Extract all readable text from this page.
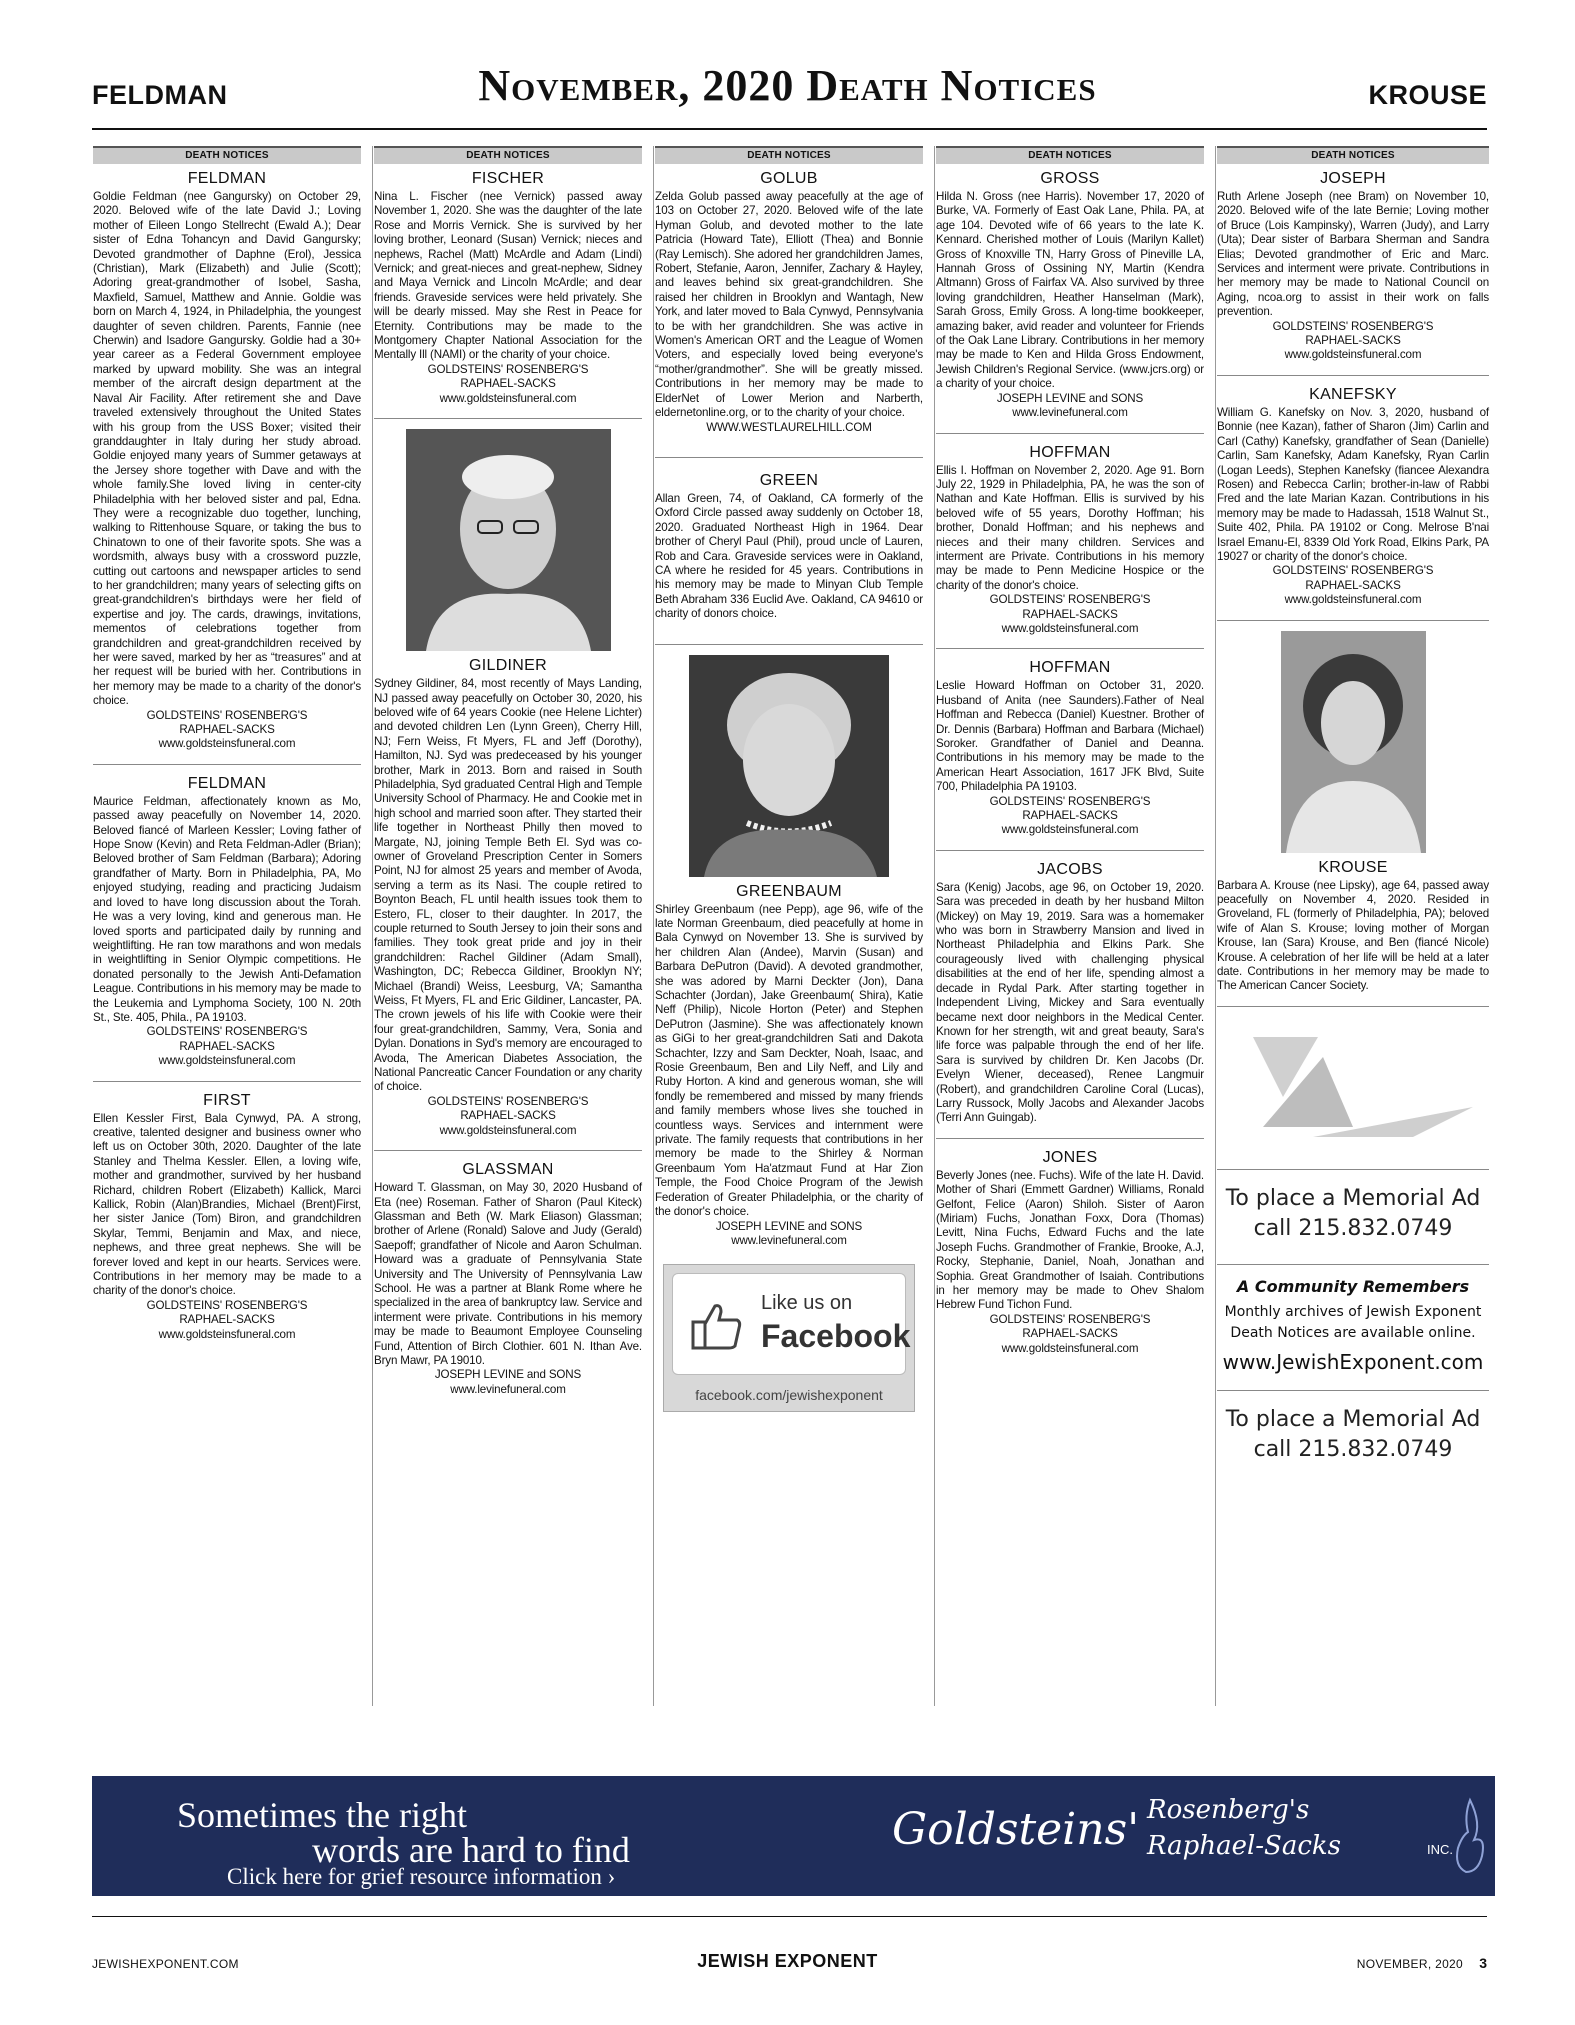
FELDMAN	November, 2020 Death Notices	KROUSE
DEATH NOTICES
FELDMAN
Goldie Feldman (nee Gangursky) on October 29, 2020. Beloved wife of the late David J.; Loving mother of Eileen Longo Stellrecht (Ewald A.); Dear sister of Edna Tohancyn and David Gangursky; Devoted grandmother of Daphne (Erol), Jessica (Christian), Mark (Elizabeth) and Julie (Scott); Adoring great-grandmother of Isobel, Sasha, Maxfield, Samuel, Matthew and Annie. Goldie was born on March 4, 1924, in Philadelphia, the youngest daughter of seven children. Parents, Fannie (nee Cherwin) and Isadore Gangursky. Goldie had a 30+ year career as a Federal Government employee marked by upward mobility. She was an integral member of the aircraft design department at the Naval Air Facility. After retirement she and Dave traveled extensively throughout the United States with his group from the USS Boxer; visited their granddaughter in Italy during her study abroad. Goldie enjoyed many years of Summer getaways at the Jersey shore together with Dave and with the whole family.She loved living in center-city Philadelphia with her beloved sister and pal, Edna. They were a recognizable duo together, lunching, walking to Rittenhouse Square, or taking the bus to Chinatown to one of their favorite spots. She was a wordsmith, always busy with a crossword puzzle, cutting out cartoons and newspaper articles to send to her grandchildren; many years of selecting gifts on great-grandchildren's birthdays were her field of expertise and joy. The cards, drawings, invitations, mementos of celebrations together from grandchildren and great-grandchildren received by her were saved, marked by her as “treasures” and at her request will be buried with her. Contributions in her memory may be made to a charity of the donor's choice.
GOLDSTEINS' ROSENBERG'S
RAPHAEL-SACKS
www.goldsteinsfuneral.com
FELDMAN
Maurice Feldman, affectionately known as Mo, passed away peacefully on November 14, 2020. Beloved fiancé of Marleen Kessler; Loving father of Hope Snow (Kevin) and Reta Feldman-Adler (Brian); Beloved brother of Sam Feldman (Barbara); Adoring grandfather of Marty. Born in Philadelphia, PA, Mo enjoyed studying, reading and practicing Judaism and loved to have long discussion about the Torah. He was a very loving, kind and generous man. He loved sports and participated daily by running and weightlifting. He ran tow marathons and won medals in weightlifting in Senior Olympic competitions. He donated personally to the Jewish Anti-Defamation League. Contributions in his memory may be made to the Leukemia and Lymphoma Society, 100 N. 20th St., Ste. 405, Phila., PA 19103.
GOLDSTEINS' ROSENBERG'S
RAPHAEL-SACKS
www.goldsteinsfuneral.com
FIRST
Ellen Kessler First, Bala Cynwyd, PA. A strong, creative, talented designer and business owner who left us on October 30th, 2020. Daughter of the late Stanley and Thelma Kessler. Ellen, a loving wife, mother and grandmother, survived by her husband Richard, children Robert (Elizabeth) Kallick, Marci Kallick, Robin (Alan)Brandies, Michael (Brent)First, her sister Janice (Tom) Biron, and grandchildren Skylar, Temmi, Benjamin and Max, and niece, nephews, and three great nephews. She will be forever loved and kept in our hearts. Services were. Contributions in her memory may be made to a charity of the donor's choice.
GOLDSTEINS' ROSENBERG'S
RAPHAEL-SACKS
www.goldsteinsfuneral.com
DEATH NOTICES
FISCHER
Nina L. Fischer (nee Vernick) passed away November 1, 2020. She was the daughter of the late Rose and Morris Vernick. She is survived by her loving brother, Leonard (Susan) Vernick; nieces and nephews, Rachel (Matt) McArdle and Adam (Lindi) Vernick; and great-nieces and great-nephew, Sidney and Maya Vernick and Lincoln McArdle; and dear friends. Graveside services were held privately. She will be dearly missed. May she Rest in Peace for Eternity. Contributions may be made to the Montgomery Chapter National Association for the Mentally Ill (NAMI) or the charity of your choice.
GOLDSTEINS' ROSENBERG'S
RAPHAEL-SACKS
www.goldsteinsfuneral.com
GILDINER
Sydney Gildiner, 84, most recently of Mays Landing, NJ passed away peacefully on October 30, 2020, his beloved wife of 64 years Cookie (nee Helene Lichter) and devoted children Len (Lynn Green), Cherry Hill, NJ; Fern Weiss, Ft Myers, FL and Jeff (Dorothy), Hamilton, NJ. Syd was predeceased by his younger brother, Mark in 2013. Born and raised in South Philadelphia, Syd graduated Central High and Temple University School of Pharmacy. He and Cookie met in high school and married soon after. They started their life together in Northeast Philly then moved to Margate, NJ, joining Temple Beth El. Syd was co-owner of Groveland Prescription Center in Somers Point, NJ for almost 25 years and member of Avoda, serving a term as its Nasi. The couple retired to Boynton Beach, FL until health issues took them to Estero, FL, closer to their daughter. In 2017, the couple returned to South Jersey to join their sons and families. They took great pride and joy in their grandchildren: Rachel Gildiner (Adam Small), Washington, DC; Rebecca Gildiner, Brooklyn NY; Michael (Brandi) Weiss, Leesburg, VA; Samantha Weiss, Ft Myers, FL and Eric Gildiner, Lancaster, PA. The crown jewels of his life with Cookie were their four great-grandchildren, Sammy, Vera, Sonia and Dylan. Donations in Syd's memory are encouraged to Avoda, The American Diabetes Association, the National Pancreatic Cancer Foundation or any charity of choice.
GOLDSTEINS' ROSENBERG'S
RAPHAEL-SACKS
www.goldsteinsfuneral.com
GLASSMAN
Howard T. Glassman, on May 30, 2020 Husband of Eta (nee) Roseman. Father of Sharon (Paul Kiteck) Glassman and Beth (W. Mark Eliason) Glassman; brother of Arlene (Ronald) Salove and Judy (Gerald) Saepoff; grandfather of Nicole and Aaron Schulman. Howard was a graduate of Pennsylvania State University and The University of Pennsylvania Law School. He was a partner at Blank Rome where he specialized in the area of bankruptcy law. Service and interment were private. Contributions in his memory may be made to Beaumont Employee Counseling Fund, Attention of Birch Clothier. 601 N. Ithan Ave. Bryn Mawr, PA 19010.
JOSEPH LEVINE and SONS
www.levinefuneral.com
DEATH NOTICES
GOLUB
Zelda Golub passed away peacefully at the age of 103 on October 27, 2020. Beloved wife of the late Hyman Golub, and devoted mother to the late Patricia (Howard Tate), Elliott (Thea) and Bonnie (Ray Lemisch). She adored her grandchildren James, Robert, Stefanie, Aaron, Jennifer, Zachary & Hayley, and leaves behind six great-grandchildren. She raised her children in Brooklyn and Wantagh, New York, and later moved to Bala Cynwyd, Pennsylvania to be with her grandchildren. She was active in Women's American ORT and the League of Women Voters, and especially loved being everyone's “mother/grandmother”. She will be greatly missed. Contributions in her memory may be made to ElderNet of Lower Merion and Narberth, eldernetonline.org, or to the charity of your choice.
WWW.WESTLAURELHILL.COM
GREEN
Allan Green, 74, of Oakland, CA formerly of the Oxford Circle passed away suddenly on October 18, 2020. Graduated Northeast High in 1964. Dear brother of Cheryl Paul (Phil), proud uncle of Lauren, Rob and Cara. Graveside services were in Oakland, CA where he resided for 45 years. Contributions in his memory may be made to Minyan Club Temple Beth Abraham 336 Euclid Ave. Oakland, CA 94610 or charity of donors choice.
GREENBAUM
Shirley Greenbaum (nee Pepp), age 96, wife of the late Norman Greenbaum, died peacefully at home in Bala Cynwyd on November 13. She is survived by her children Alan (Andee), Marvin (Susan) and Barbara DePutron (David). A devoted grandmother, she was adored by Marni Deckter (Jon), Dana Schachter (Jordan), Jake Greenbaum( Shira), Katie Neff (Philip), Nicole Horton (Peter) and Stephen DePutron (Jasmine). She was affectionately known as GiGi to her great-grandchildren Sati and Dakota Schachter, Izzy and Sam Deckter, Noah, Isaac, and Rosie Greenbaum, Ben and Lily Neff, and Lily and Ruby Horton. A kind and generous woman, she will fondly be remembered and missed by many friends and family members whose lives she touched in countless ways. Services and internment were private. The family requests that contributions in her memory be made to the Shirley & Norman Greenbaum Yom Ha'atzmaut Fund at Har Zion Temple, the Food Choice Program of the Jewish Federation of Greater Philadelphia, or the charity of the donor's choice.
JOSEPH LEVINE and SONS
www.levinefuneral.com
Like us on
Facebook
facebook.com/jewishexponent
DEATH NOTICES
GROSS
Hilda N. Gross (nee Harris). November 17, 2020 of Burke, VA. Formerly of East Oak Lane, Phila. PA, at age 104. Devoted wife of 66 years to the late K. Kennard. Cherished mother of Louis (Marilyn Kallet) Gross of Knoxville TN, Harry Gross of Pineville LA, Hannah Gross of Ossining NY, Martin (Kendra Altmann) Gross of Fairfax VA. Also survived by three loving grandchildren, Heather Hanselman (Mark), Sarah Gross, Emily Gross. A long-time bookkeeper, amazing baker, avid reader and volunteer for Friends of the Oak Lane Library. Contributions in her memory may be made to Ken and Hilda Gross Endowment, Jewish Children's Regional Service. (www.jcrs.org) or a charity of your choice.
JOSEPH LEVINE and SONS
www.levinefuneral.com
HOFFMAN
Ellis I. Hoffman on November 2, 2020. Age 91. Born July 22, 1929 in Philadelphia, PA, he was the son of Nathan and Kate Hoffman. Ellis is survived by his beloved wife of 55 years, Dorothy Hoffman; his brother, Donald Hoffman; and his nephews and nieces and their many children. Services and interment are Private. Contributions in his memory may be made to Penn Medicine Hospice or the charity of the donor's choice.
GOLDSTEINS' ROSENBERG'S
RAPHAEL-SACKS
www.goldsteinsfuneral.com
HOFFMAN
Leslie Howard Hoffman on October 31, 2020. Husband of Anita (nee Saunders).Father of Neal Hoffman and Rebecca (Daniel) Kuestner. Brother of Dr. Dennis (Barbara) Hoffman and Barbara (Michael) Soroker. Grandfather of Daniel and Deanna. Contributions in his memory may be made to the American Heart Association, 1617 JFK Blvd, Suite 700, Philadelphia PA 19103.
GOLDSTEINS' ROSENBERG'S
RAPHAEL-SACKS
www.goldsteinsfuneral.com
JACOBS
Sara (Kenig) Jacobs, age 96, on October 19, 2020. Sara was preceded in death by her husband Milton (Mickey) on May 19, 2019. Sara was a homemaker who was born in Strawberry Mansion and lived in Northeast Philadelphia and Elkins Park. She courageously lived with challenging physical disabilities at the end of her life, spending almost a decade in Rydal Park. After starting together in Independent Living, Mickey and Sara eventually became next door neighbors in the Medical Center. Known for her strength, wit and great beauty, Sara's life force was palpable through the end of her life. Sara is survived by children Dr. Ken Jacobs (Dr. Evelyn Wiener, deceased), Renee Langmuir (Robert), and grandchildren Caroline Coral (Lucas), Larry Russock, Molly Jacobs and Alexander Jacobs (Terri Ann Guingab).
JONES
Beverly Jones (nee. Fuchs). Wife of the late H. David. Mother of Shari (Emmett Gardner) Williams, Ronald Gelfont, Felice (Aaron) Shiloh. Sister of Aaron (Miriam) Fuchs, Jonathan Foxx, Dora (Thomas) Levitt, Nina Fuchs, Edward Fuchs and the late Joseph Fuchs. Grandmother of Frankie, Brooke, A.J, Rocky, Stephanie, Daniel, Noah, Jonathan and Sophia. Great Grandmother of Isaiah. Contributions in her memory may be made to Ohev Shalom Hebrew Fund Tichon Fund.
GOLDSTEINS' ROSENBERG'S
RAPHAEL-SACKS
www.goldsteinsfuneral.com
DEATH NOTICES
JOSEPH
Ruth Arlene Joseph (nee Bram) on November 10, 2020. Beloved wife of the late Bernie; Loving mother of Bruce (Lois Kampinsky), Warren (Judy), and Larry (Uta); Dear sister of Barbara Sherman and Sandra Elias; Devoted grandmother of Eric and Marc. Services and interment were private. Contributions in her memory may be made to National Council on Aging, ncoa.org to assist in their work on falls prevention.
GOLDSTEINS' ROSENBERG'S
RAPHAEL-SACKS
www.goldsteinsfuneral.com
KANEFSKY
William G. Kanefsky on Nov. 3, 2020, husband of Bonnie (nee Kazan), father of Sharon (Jim) Carlin and Carl (Cathy) Kanefsky, grandfather of Sean (Danielle) Carlin, Sam Kanefsky, Adam Kanefsky, Ryan Carlin (Logan Leeds), Stephen Kanefsky (fiancee Alexandra Rosen) and Rebecca Carlin; brother-in-law of Rabbi Fred and the late Marian Kazan. Contributions in his memory may be made to Hadassah, 1518 Walnut St., Suite 402, Phila. PA 19102 or Cong. Melrose B'nai Israel Emanu-El, 8339 Old York Road, Elkins Park, PA 19027 or charity of the donor's choice.
GOLDSTEINS' ROSENBERG'S
RAPHAEL-SACKS
www.goldsteinsfuneral.com
KROUSE
Barbara A. Krouse (nee Lipsky), age 64, passed away peacefully on November 4, 2020. Resided in Groveland, FL (formerly of Philadelphia, PA); beloved wife of Alan S. Krouse; loving mother of Morgan Krouse, Ian (Sara) Krouse, and Ben (fiancé Nicole) Krouse. A celebration of her life will be held at a later date. Contributions in her memory may be made to The American Cancer Society.
To place a Memorial Ad
call 215.832.0749
A Community Remembers
Monthly archives of Jewish Exponent Death Notices are available online.
www.JewishExponent.com
To place a Memorial Ad
call 215.832.0749
Sometimes the right
words are hard to find
Click here for grief resource information ›
Goldsteins' Rosenberg's
Raphael-Sacks	INC.
JEWISHEXPONENT.COM	JEWISH EXPONENT	NOVEMBER, 2020 3
